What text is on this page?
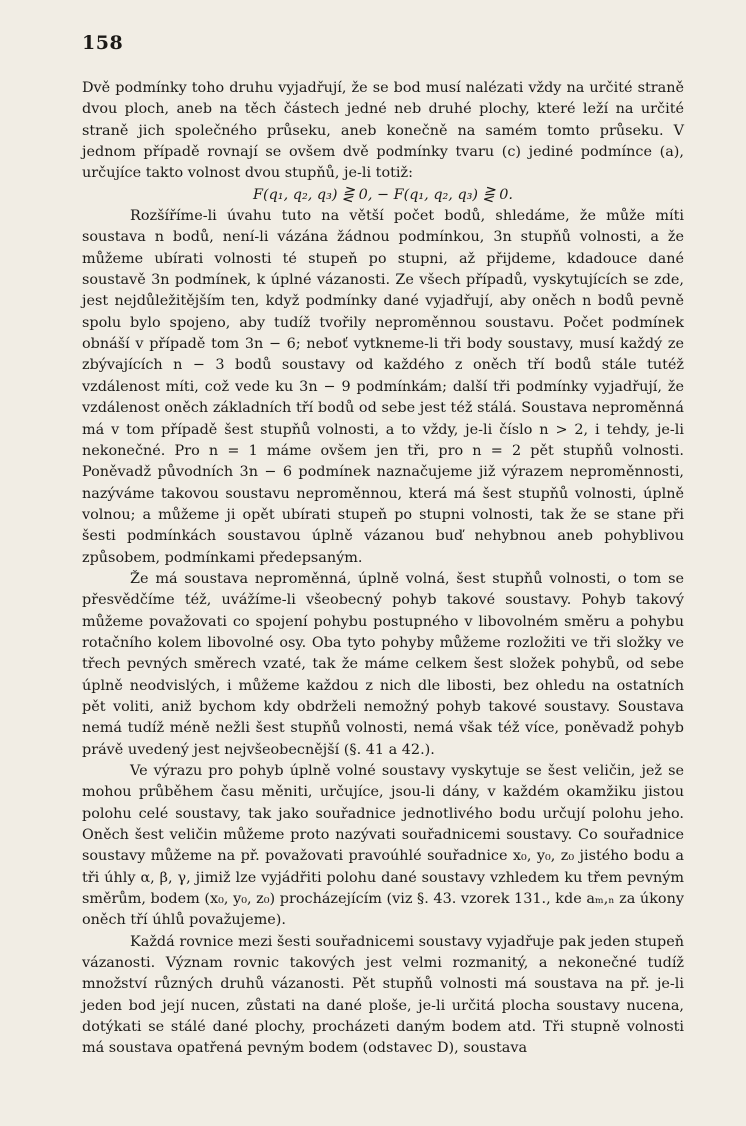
158

Dvě podmínky toho druhu vyjadřují, že se bod musí nalézati vždy na určité straně dvou ploch, aneb na těch částech jedné neb druhé plochy, které leží na určité straně jich společného průseku, aneb konečně na samém tomto průseku. V jednom případě rovnají se ovšem dvě podmínky tvaru (c) jediné podmínce (a), určujíce takto volnost dvou stupňů, je-li totiž:

F(q₁, q₂, q₃) ⋛ 0, − F(q₁, q₂, q₃) ⋛ 0.

Rozšíříme-li úvahu tuto na větší počet bodů, shledáme, že může míti soustava n bodů, není-li vázána žádnou podmínkou, 3n stupňů volnosti, a že můžeme ubírati volnosti té stupeň po stupni, až přijdeme, kdadouce dané soustavě 3n podmínek, k úplné vázanosti. Ze všech případů, vyskytujících se zde, jest nejdůležitějším ten, když podmínky dané vyjadřují, aby oněch n bodů pevně spolu bylo spojeno, aby tudíž tvořily neproměnnou soustavu. Počet podmínek obnáší v případě tom 3n − 6; neboť vytkneme-li tři body soustavy, musí každý ze zbývajících n − 3 bodů soustavy od každého z oněch tří bodů stále tutéž vzdálenost míti, což vede ku 3n − 9 podmínkám; další tři podmínky vyjadřují, že vzdálenost oněch základních tří bodů od sebe jest též stálá. Soustava neproměnná má v tom případě šest stupňů volnosti, a to vždy, je-li číslo n > 2, i tehdy, je-li nekonečné. Pro n = 1 máme ovšem jen tři, pro n = 2 pět stupňů volnosti. Poněvadž původních 3n − 6 podmínek naznačujeme již výrazem neproměnnosti, nazýváme takovou soustavu neproměnnou, která má šest stupňů volnosti, úplně volnou; a můžeme ji opět ubírati stupeň po stupni volnosti, tak že se stane při šesti podmínkách soustavou úplně vázanou buď nehybnou aneb pohyblivou způsobem, podmínkami předepsaným.

Že má soustava neproměnná, úplně volná, šest stupňů volnosti, o tom se přesvědčíme též, uvážíme-li všeobecný pohyb takové soustavy. Pohyb takový můžeme považovati co spojení pohybu postupného v libovolném směru a pohybu rotačního kolem libovolné osy. Oba tyto pohyby můžeme rozložiti ve tři složky ve třech pevných směrech vzaté, tak že máme celkem šest složek pohybů, od sebe úplně neodvislých, i můžeme každou z nich dle libosti, bez ohledu na ostatních pět voliti, aniž bychom kdy obdrželi nemožný pohyb takové soustavy. Soustava nemá tudíž méně nežli šest stupňů volnosti, nemá však též více, poněvadž pohyb právě uvedený jest nejvšeobecnější (§. 41 a 42.).

Ve výrazu pro pohyb úplně volné soustavy vyskytuje se šest veličin, jež se mohou průběhem času měniti, určujíce, jsou-li dány, v každém okamžiku jistou polohu celé soustavy, tak jako souřadnice jednotlivého bodu určují polohu jeho. Oněch šest veličin můžeme proto nazývati souřadnicemi soustavy. Co souřadnice soustavy můžeme na př. považovati pravoúhlé souřadnice x₀, y₀, z₀ jistého bodu a tři úhly α, β, γ, jimiž lze vyjádřiti polohu dané soustavy vzhledem ku třem pevným směrům, bodem (x₀, y₀, z₀) procházejícím (viz §. 43. vzorek 131., kde aₘ,ₙ za úkony oněch tří úhlů považujeme).

Každá rovnice mezi šesti souřadnicemi soustavy vyjadřuje pak jeden stupeň vázanosti. Význam rovnic takových jest velmi rozmanitý, a nekonečné tudíž množství různých druhů vázanosti. Pět stupňů volnosti má soustava na př. je-li jeden bod její nucen, zůstati na dané ploše, je-li určitá plocha soustavy nucena, dotýkati se stálé dané plochy, procházeti daným bodem atd. Tři stupně volnosti má soustava opatřená pevným bodem (odstavec D), soustava
